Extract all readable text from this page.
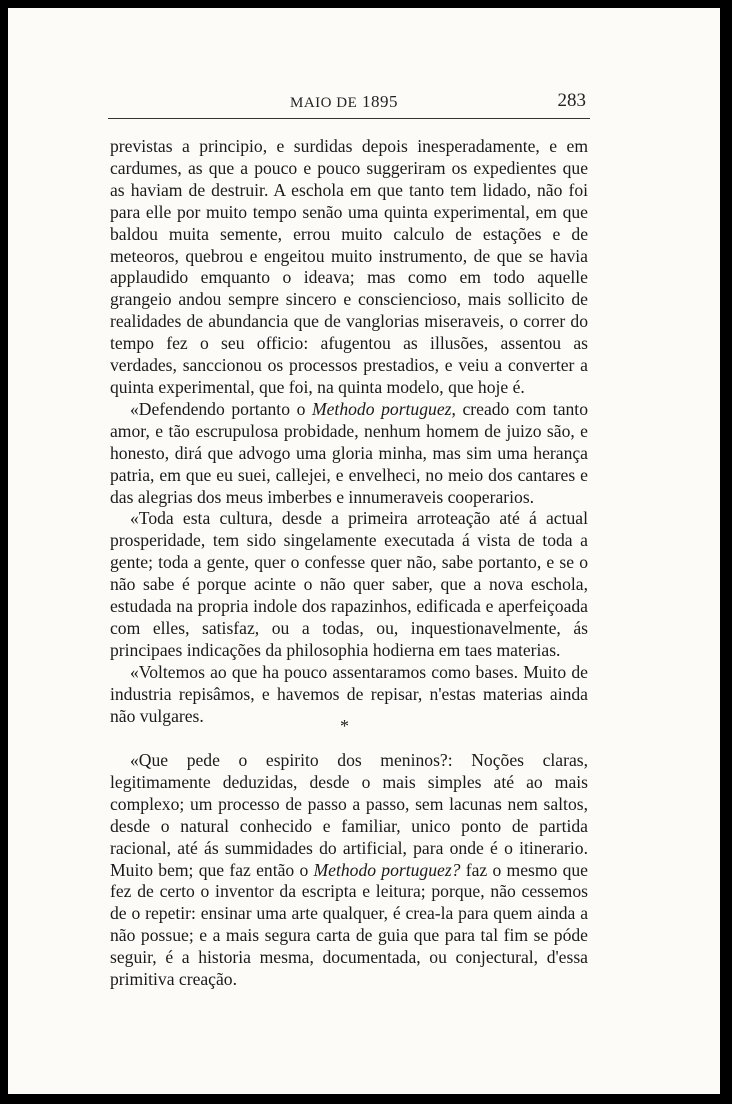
MAIO DE 1895	283

previstas a principio, e surdidas depois inesperadamente, e em cardumes, as que a pouco e pouco suggeriram os expedientes que as haviam de destruir. A eschola em que tanto tem lidado, não foi para elle por muito tempo senão uma quinta experimental, em que baldou muita semente, errou muito calculo de estações e de meteoros, quebrou e engeitou muito instrumento, de que se havia applaudido emquanto o ideava; mas como em todo aquelle grangeio andou sempre sincero e consciencioso, mais sollicito de realidades de abundancia que de vanglorias miseraveis, o correr do tempo fez o seu officio: afugentou as illusões, assentou as verdades, sanccionou os processos prestadios, e veiu a converter a quinta experimental, que foi, na quinta modelo, que hoje é.

«Defendendo portanto o Methodo portuguez, creado com tanto amor, e tão escrupulosa probidade, nenhum homem de juizo são, e honesto, dirá que advogo uma gloria minha, mas sim uma herança patria, em que eu suei, callejei, e envelheci, no meio dos cantares e das alegrias dos meus imberbes e innumeraveis cooperarios.

«Toda esta cultura, desde a primeira arroteação até á actual prosperidade, tem sido singelamente executada á vista de toda a gente; toda a gente, quer o confesse quer não, sabe portanto, e se o não sabe é porque acinte o não quer saber, que a nova eschola, estudada na propria indole dos rapazinhos, edificada e aperfeiçoada com elles, satisfaz, ou a todas, ou, inquestionavelmente, ás principaes indicações da philosophia hodierna em taes materias.

«Voltemos ao que ha pouco assentaramos como bases. Muito de industria repisâmos, e havemos de repisar, n'estas materias ainda não vulgares.

*

«Que pede o espirito dos meninos?: Noções claras, legitimamente deduzidas, desde o mais simples até ao mais complexo; um processo de passo a passo, sem lacunas nem saltos, desde o natural conhecido e familiar, unico ponto de partida racional, até ás summidades do artificial, para onde é o itinerario. Muito bem; que faz então o Methodo portuguez? faz o mesmo que fez de certo o inventor da escripta e leitura; porque, não cessemos de o repetir: ensinar uma arte qualquer, é crea-la para quem ainda a não possue; e a mais segura carta de guia que para tal fim se póde seguir, é a historia mesma, documentada, ou conjectural, d'essa primitiva creação.
